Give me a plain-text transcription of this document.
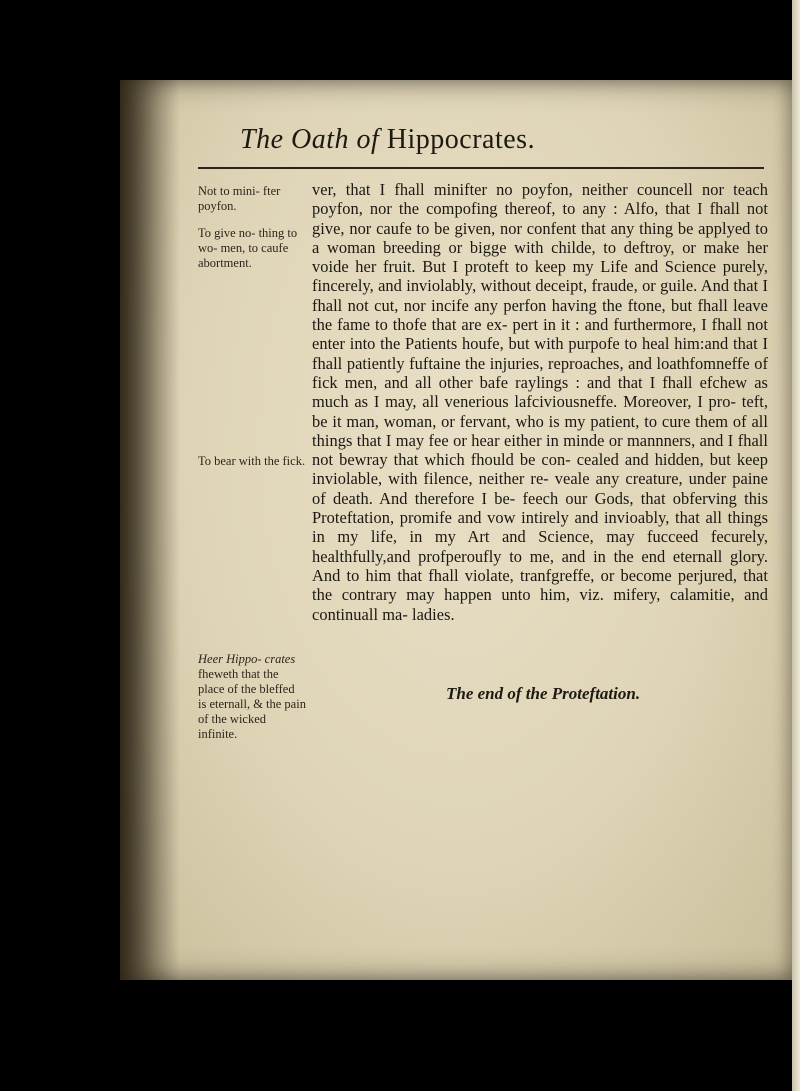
The Oath of Hippocrates.
Not to mini- fter poyfon.
To give no- thing to wo- men, to caufe abortment.
To bear with the fick.
Heer Hippo- crates fheweth that the place of the bleffed is eternall, & the pain of the wicked infinite.
ver, that I fhall minifter no poyfon, neither councell nor teach poyfon, nor the compofing thereof, to any : Alfo, that I fhall not give, nor caufe to be given, nor confent that any thing be applyed to a woman breeding or bigge with childe, to deftroy, or make her voide her fruit. But I proteft to keep my Life and Science purely, fincerely, and inviolably, without deceipt, fraude, or guile. And that I fhall not cut, nor incife any perfon having the ftone, but fhall leave the fame to thofe that are ex- pert in it : and furthermore, I fhall not enter into the Patients houfe, but with purpofe to heal him:and that I fhall patiently fuftaine the injuries, reproaches, and loathfomneffe of fick men, and all other bafe raylings : and that I fhall efchew as much as I may, all venerious lafciviousneffe. Moreover, I pro- teft, be it man, woman, or fervant, who is my patient, to cure them of all things that I may fee or hear either in minde or mannners, and I fhall not bewray that which fhould be con- cealed and hidden, but keep inviolable, with filence, neither re- veale any creature, under paine of death. And therefore I be- feech our Gods, that obferving this Proteftation, promife and vow intirely and invioably, that all things in my life, in my Art and Science, may fucceed fecurely, healthfully,and profperoufly to me, and in the end eternall glory. And to him that fhall violate, tranfgreffe, or become perjured, that the contrary may happen unto him, viz. mifery, calamitie, and continuall ma- ladies.
The end of the Proteftation.
